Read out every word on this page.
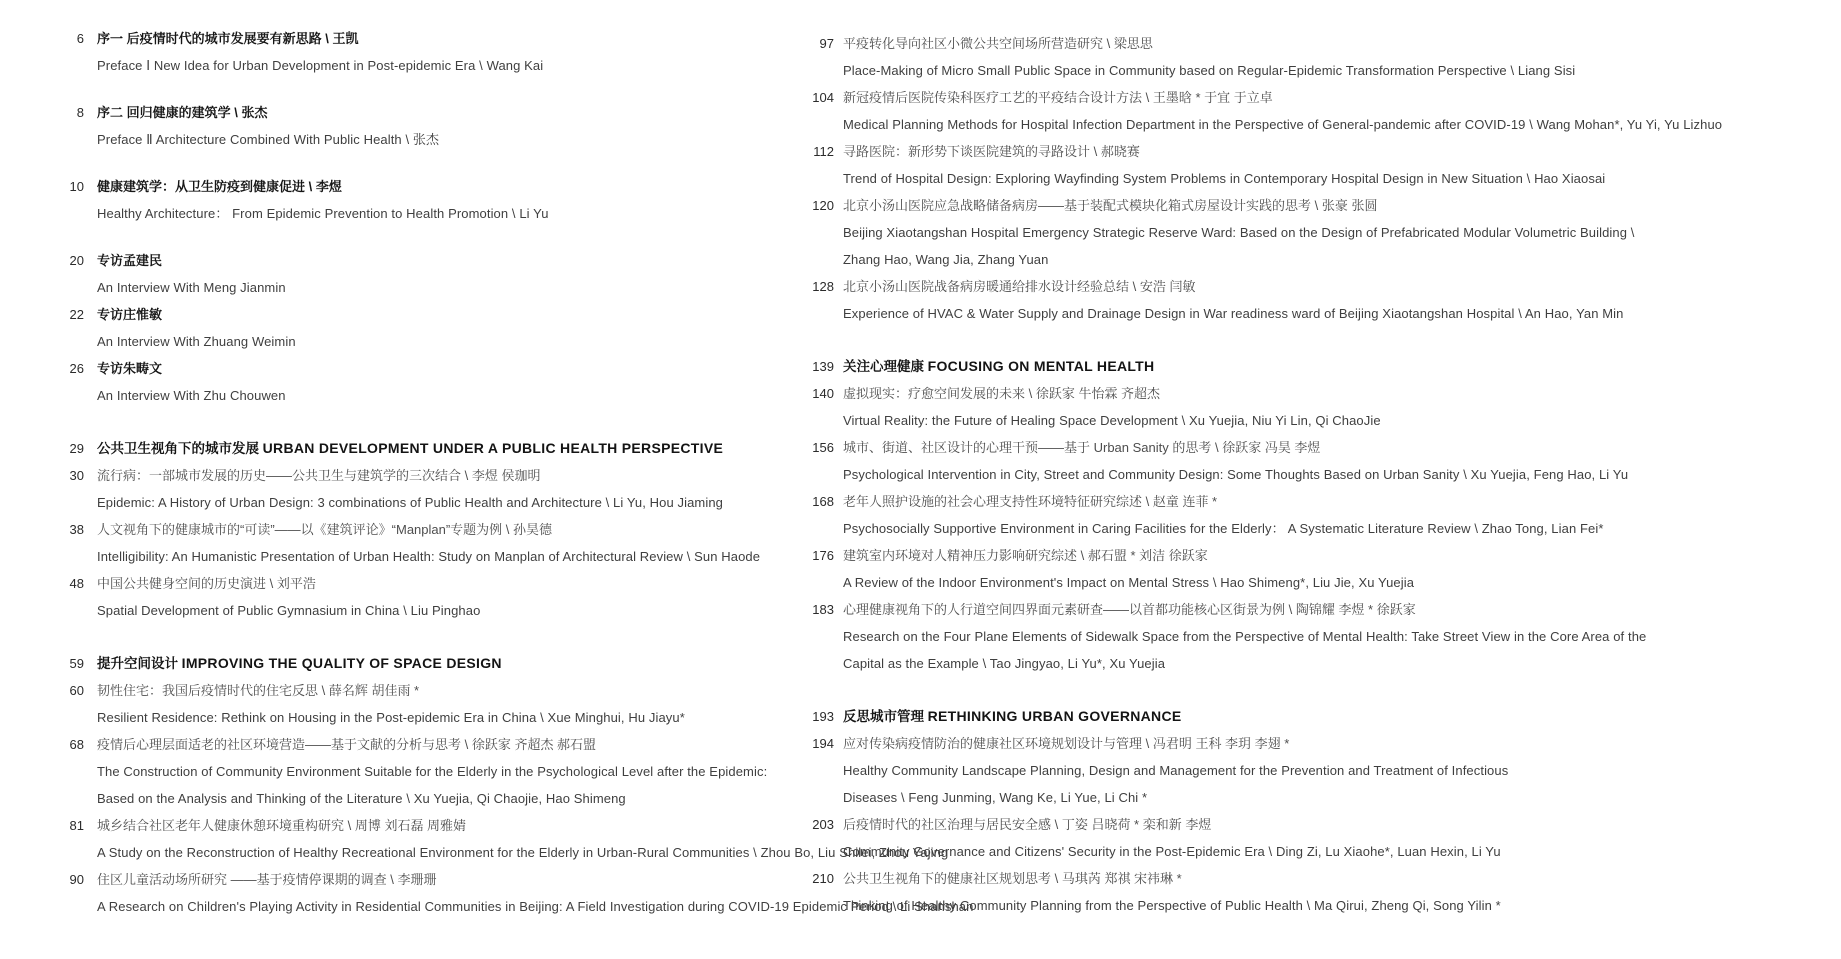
6 序一 后疫情时代的城市发展要有新思路 \ 王凯
Preface Ⅰ New Idea for Urban Development in Post-epidemic Era \ Wang Kai
8 序二 回归健康的建筑学 \ 张杰
Preface Ⅱ Architecture Combined With Public Health \ 张杰
10 健康建筑学：从卫生防疫到健康促进 \ 李煜
Healthy Architecture： From Epidemic Prevention to Health Promotion \ Li Yu
20 专访孟建民
An Interview With Meng Jianmin
22 专访庄惟敏
An Interview With Zhuang Weimin
26 专访朱畴文
An Interview With Zhu Chouwen
29 公共卫生视角下的城市发展 URBAN DEVELOPMENT UNDER A PUBLIC HEALTH PERSPECTIVE
30 流行病：一部城市发展的历史——公共卫生与建筑学的三次结合 \ 李煜 侯珈明
Epidemic: A History of Urban Design: 3 combinations of Public Health and Architecture \ Li Yu, Hou Jiaming
38 人文视角下的健康城市的“可读”——以《建筑评论》“Manplan”专题为例 \ 孙昊德
Intelligibility: An Humanistic Presentation of Urban Health: Study on Manplan of Architectural Review \ Sun Haode
48 中国公共健身空间的历史演进 \ 刘平浩
Spatial Development of Public Gymnasium in China \ Liu Pinghao
59 提升空间设计 IMPROVING THE QUALITY OF SPACE DESIGN
60 韧性住宅：我国后疫情时代的住宅反思 \ 薛名辉 胡佳雨 *
Resilient Residence: Rethink on Housing in the Post-epidemic Era in China \ Xue Minghui, Hu Jiayu*
68 疫情后心理层面适老的社区环境营造——基于文献的分析与思考 \ 徐跃家 齐超杰 郝石盟
The Construction of Community Environment Suitable for the Elderly in the Psychological Level after the Epidemic:
Based on the Analysis and Thinking of the Literature \ Xu Yuejia, Qi Chaojie, Hao Shimeng
81 城乡结合社区老年人健康休憩环境重构研究 \ 周博 刘石磊 周雅婧
A Study on the Reconstruction of Healthy Recreational Environment for the Elderly in Urban-Rural Communities \ Zhou Bo, Liu Shilei, Zhou Yajing
90 住区儿童活动场所研究 ——基于疫情停课期的调查 \ 李珊珊
A Research on Children's Playing Activity in Residential Communities in Beijing: A Field Investigation during COVID-19 Epidemic Period \ Li Shanshan
97 平疫转化导向社区小微公共空间场所营造研究 \ 梁思思
Place-Making of Micro Small Public Space in Community based on Regular-Epidemic Transformation Perspective \ Liang Sisi
104 新冠疫情后医院传染科医疗工艺的平疫结合设计方法 \ 王墨晗 * 于宜 于立卓
Medical Planning Methods for Hospital Infection Department in the Perspective of General-pandemic after COVID-19 \ Wang Mohan*, Yu Yi, Yu Lizhuo
112 寻路医院：新形势下谈医院建筑的寻路设计 \ 郝晓赛
Trend of Hospital Design: Exploring Wayfinding System Problems in Contemporary Hospital Design in New Situation \ Hao Xiaosai
120 北京小汤山医院应急战略储备病房——基于装配式模块化箱式房屋设计实践的思考 \ 张豪 张圆
Beijing Xiaotangshan Hospital Emergency Strategic Reserve Ward: Based on the Design of Prefabricated Modular Volumetric Building \
Zhang Hao, Wang Jia, Zhang Yuan
128 北京小汤山医院战备病房暖通给排水设计经验总结 \ 安浩 闫敏
Experience of HVAC & Water Supply and Drainage Design in War readiness ward of Beijing Xiaotangshan Hospital \ An Hao, Yan Min
139 关注心理健康 FOCUSING ON MENTAL HEALTH
140 虚拟现实：疗愈空间发展的未来 \ 徐跃家 牛怡霖 齐超杰
Virtual Reality: the Future of Healing Space Development \ Xu Yuejia, Niu Yi Lin, Qi ChaoJie
156 城市、街道、社区设计的心理干预——基于 Urban Sanity 的思考 \ 徐跃家 冯昊 李煜
Psychological Intervention in City, Street and Community Design: Some Thoughts Based on Urban Sanity \ Xu Yuejia, Feng Hao, Li Yu
168 老年人照护设施的社会心理支持性环境特征研究综述 \ 赵童 连菲 *
Psychosocially Supportive Environment in Caring Facilities for the Elderly： A Systematic Literature Review \ Zhao Tong, Lian Fei*
176 建筑室内环境对人精神压力影响研究综述 \ 郝石盟 * 刘洁 徐跃家
A Review of the Indoor Environment's Impact on Mental Stress \ Hao Shimeng*, Liu Jie, Xu Yuejia
183 心理健康视角下的人行道空间四界面元素研查——以首都功能核心区街景为例 \ 陶锦耀 李煜 * 徐跃家
Research on the Four Plane Elements of Sidewalk Space from the Perspective of Mental Health: Take Street View in the Core Area of the
Capital as the Example \ Tao Jingyao, Li Yu*, Xu Yuejia
193 反思城市管理 RETHINKING URBAN GOVERNANCE
194 应对传染病疫情防治的健康社区环境规划设计与管理 \ 冯君明 王科 李玥 李翅 *
Healthy Community Landscape Planning, Design and Management for the Prevention and Treatment of Infectious
Diseases \ Feng Junming, Wang Ke, Li Yue, Li Chi *
203 后疫情时代的社区治理与居民安全感 \ 丁姿 吕晓荷 * 栾和新 李煜
Community Governance and Citizens' Security in the Post-Epidemic Era \ Ding Zi, Lu Xiaohe*, Luan Hexin, Li Yu
210 公共卫生视角下的健康社区规划思考 \ 马琪芮 郑祺 宋祎琳 *
Thinking of Healthy Community Planning from the Perspective of Public Health \ Ma Qirui, Zheng Qi, Song Yilin *
